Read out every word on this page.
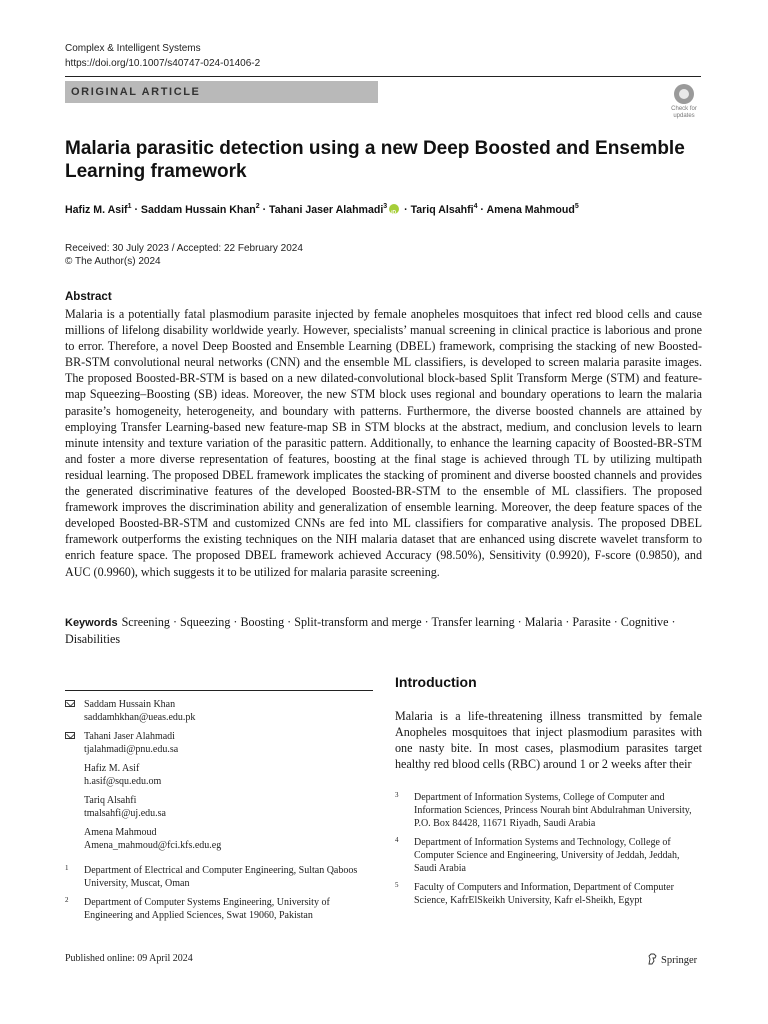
Complex & Intelligent Systems
https://doi.org/10.1007/s40747-024-01406-2
ORIGINAL ARTICLE
Check for updates
Malaria parasitic detection using a new Deep Boosted and Ensemble Learning framework
Hafiz M. Asif$^1$ · Saddam Hussain Khan$^2$ · Tahani Jaser Alahmadi$^3$iD · Tariq Alsahfi$^4$ · Amena Mahmoud$^5$
Received: 30 July 2023 / Accepted: 22 February 2024
© The Author(s) 2024
Abstract
Malaria is a potentially fatal plasmodium parasite injected by female anopheles mosquitoes that infect red blood cells and cause millions of lifelong disability worldwide yearly. However, specialists’ manual screening in clinical practice is laborious and prone to error. Therefore, a novel Deep Boosted and Ensemble Learning (DBEL) framework, comprising the stacking of new Boosted-BR-STM convolutional neural networks (CNN) and the ensemble ML classifiers, is developed to screen malaria parasite images. The proposed Boosted-BR-STM is based on a new dilated-convolutional block-based Split Transform Merge (STM) and feature-map Squeezing–Boosting (SB) ideas. Moreover, the new STM block uses regional and boundary operations to learn the malaria parasite’s homogeneity, heterogeneity, and boundary with patterns. Furthermore, the diverse boosted channels are attained by employing Transfer Learning-based new feature-map SB in STM blocks at the abstract, medium, and conclusion levels to learn minute intensity and texture variation of the parasitic pattern. Additionally, to enhance the learning capacity of Boosted-BR-STM and foster a more diverse representation of features, boosting at the final stage is achieved through TL by utilizing multipath residual learning. The proposed DBEL framework implicates the stacking of prominent and diverse boosted channels and provides the generated discriminative features of the developed Boosted-BR-STM to the ensemble of ML classifiers. The proposed framework improves the discrimination ability and generalization of ensemble learning. Moreover, the deep feature spaces of the developed Boosted-BR-STM and customized CNNs are fed into ML classifiers for comparative analysis. The proposed DBEL framework outperforms the existing techniques on the NIH malaria dataset that are enhanced using discrete wavelet transform to enrich feature space. The proposed DBEL framework achieved Accuracy (98.50%), Sensitivity (0.9920), F-score (0.9850), and AUC (0.9960), which suggests it to be utilized for malaria parasite screening.
Keywords Screening · Squeezing · Boosting · Split-transform and merge · Transfer learning · Malaria · Parasite · Cognitive · Disabilities
Saddam Hussain Khan
saddamhkhan@ueas.edu.pk
Tahani Jaser Alahmadi
tjalahmadi@pnu.edu.sa
Hafiz M. Asif
h.asif@squ.edu.om
Tariq Alsahfi
tmalsahfi@uj.edu.sa
Amena Mahmoud
Amena_mahmoud@fci.kfs.edu.eg
1 Department of Electrical and Computer Engineering, Sultan Qaboos University, Muscat, Oman
2 Department of Computer Systems Engineering, University of Engineering and Applied Sciences, Swat 19060, Pakistan
Introduction
Malaria is a life-threatening illness transmitted by female Anopheles mosquitoes that inject plasmodium parasites with one nasty bite. In most cases, plasmodium parasites target healthy red blood cells (RBC) around 1 or 2 weeks after their
3 Department of Information Systems, College of Computer and Information Sciences, Princess Nourah bint Abdulrahman University, P.O. Box 84428, 11671 Riyadh, Saudi Arabia
4 Department of Information Systems and Technology, College of Computer Science and Engineering, University of Jeddah, Jeddah, Saudi Arabia
5 Faculty of Computers and Information, Department of Computer Science, KafrElSkeikh University, Kafr el-Sheikh, Egypt
Published online: 09 April 2024	Springer
